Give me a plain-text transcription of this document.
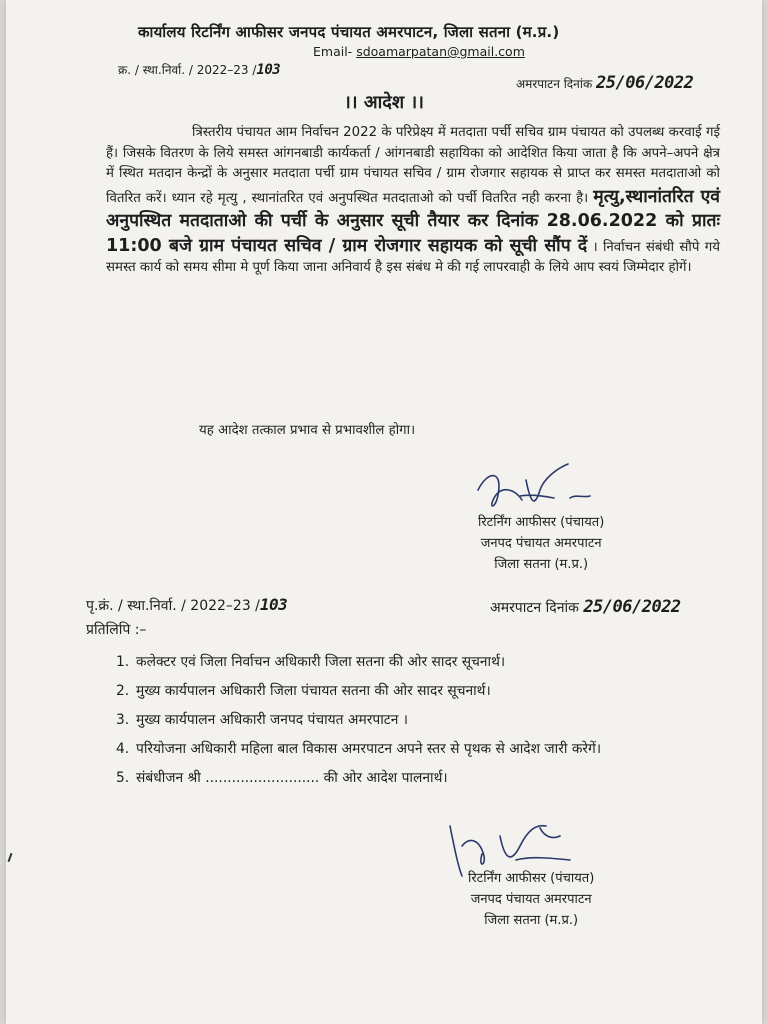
कार्यालय रिटर्निंग आफीसर जनपद पंचायत अमरपाटन, जिला सतना (म.प्र.)
Email- sdoamarpatan@gmail.com
क्र. / स्था.निर्वा. / 2022–23 /103
अमरपाटन दिनांक 25/06/2022
।। आदेश ।।
त्रिस्तरीय पंचायत आम निर्वाचन 2022 के परिप्रेक्ष्य में मतदाता पर्ची सचिव ग्राम पंचायत को उपलब्ध करवाई गई हैं। जिसके वितरण के लिये समस्त आंगनबाडी कार्यकर्ता / आंगनबाडी सहायिका को आदेशित किया जाता है कि अपने–अपने क्षेत्र में स्थित मतदान केन्द्रों के अनुसार मतदाता पर्ची ग्राम पंचायत सचिव / ग्राम रोजगार सहायक से प्राप्त कर समस्त मतदाताओ को वितरित करें। ध्यान रहे मृत्यु , स्थानांतरित एवं अनुपस्थित मतदाताओ को पर्ची वितरित नही करना है। मृत्यु,स्थानांतरित एवं अनुपस्थित मतदाताओ की पर्ची के अनुसार सूची तैयार कर दिनांक 28.06.2022 को प्रातः 11:00 बजे ग्राम पंचायत सचिव / ग्राम रोजगार सहायक को सूची सौंप दें । निर्वाचन संबंधी सौपे गये समस्त कार्य को समय सीमा मे पूर्ण किया जाना अनिवार्य है इस संबंध मे की गई लापरवाही के लिये आप स्वयं जिम्मेदार होगें।
यह आदेश तत्काल प्रभाव से प्रभावशील होगा।
रिटर्निंग आफीसर (पंचायत)
जनपद पंचायत अमरपाटन
जिला सतना (म.प्र.)
पृ.क्रं. / स्था.निर्वा. / 2022–23 /103	अमरपाटन दिनांक 25/06/2022
प्रतिलिपि :–
1. कलेक्टर एवं जिला निर्वाचन अधिकारी जिला सतना की ओर सादर सूचनार्थ।
2. मुख्य कार्यपालन अधिकारी जिला पंचायत सतना की ओर सादर सूचनार्थ।
3. मुख्य कार्यपालन अधिकारी जनपद पंचायत अमरपाटन ।
4. परियोजना अधिकारी महिला बाल विकास अमरपाटन अपने स्तर से पृथक से आदेश जारी करेगें।
5. संबंधीजन श्री .......................... की ओर आदेश पालनार्थ।
रिटर्निंग आफीसर (पंचायत)
जनपद पंचायत अमरपाटन
जिला सतना (म.प्र.)
